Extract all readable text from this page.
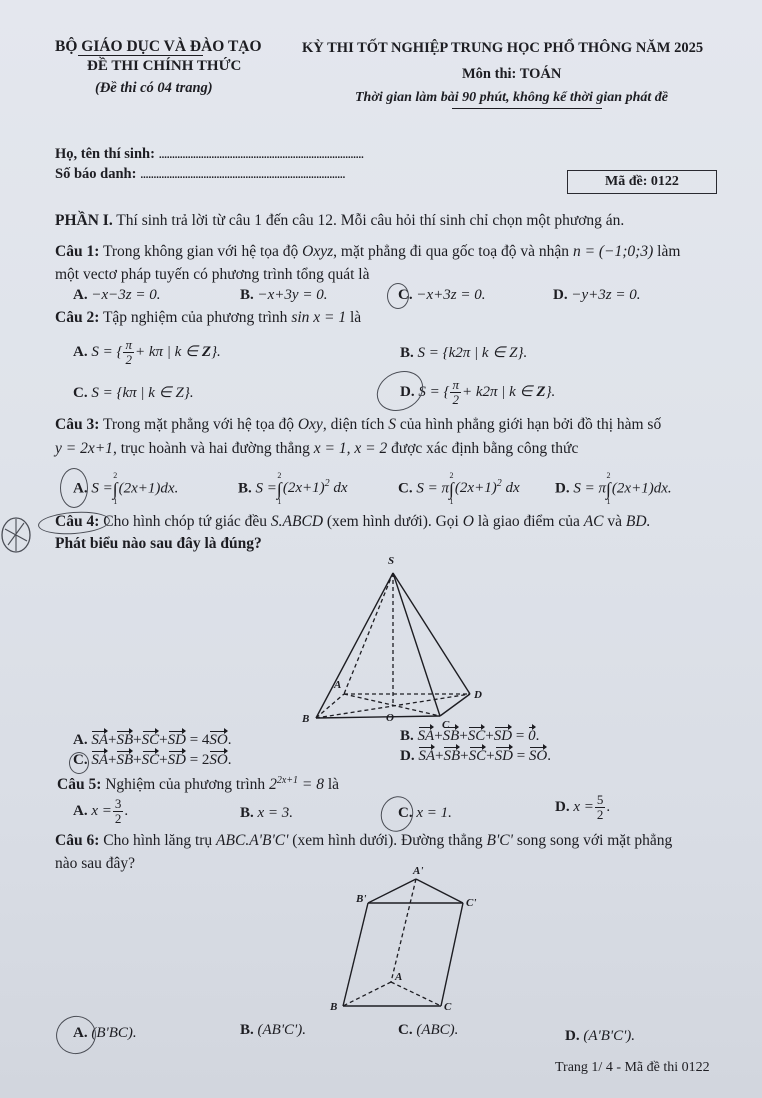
BỘ GIÁO DỤC VÀ ĐÀO TẠO
ĐỀ THI CHÍNH THỨC
(Đề thi có 04 trang)
KỲ THI TỐT NGHIỆP TRUNG HỌC PHỔ THÔNG NĂM 2025
Môn thi: TOÁN
Thời gian làm bài 90 phút, không kể thời gian phát đề
Họ, tên thí sinh: ..............................................................................
Số báo danh: ..............................................................................	Mã đề: 0122
PHẦN I. Thí sinh trả lời từ câu 1 đến câu 12. Mỗi câu hỏi thí sinh chỉ chọn một phương án.
Câu 1: Trong không gian với hệ tọa độ Oxyz, mặt phẳng đi qua gốc toạ độ và nhận n = (−1;0;3) làm
một vectơ pháp tuyến có phương trình tổng quát là
A. −x−3z = 0.	B. −x+3y = 0.	C. −x+3z = 0.	D. −y+3z = 0.
Câu 2: Tập nghiệm của phương trình sin x = 1 là
A. S = { $\frac{\pi}{2} + k\pi$ | k ∈ Z}.	B. S = {k2π | k ∈ Z}.
C. S = {kπ | k ∈ Z}.	D. S = { $\frac{\pi}{2} + k2\pi$ | k ∈ Z}.
Câu 3: Trong mặt phẳng với hệ tọa độ Oxy, diện tích S của hình phẳng giới hạn bởi đồ thị hàm số
y = 2x+1, trục hoành và hai đường thẳng x = 1, x = 2 được xác định bằng công thức
A. S =
2
∫
1
(2x+1)dx.	B. S =
2
∫
1
$(2x+1)^2$ dx	C. S = π
2
∫
1
$(2x+1)^2$ dx D. S = π
2
∫
1
(2x+1)dx.
Câu 4: Cho hình chóp tứ giác đều S.ABCD (xem hình dưới). Gọi O là giao điểm của AC và BD.
Phát biểu nào sau đây là đúng?
S
A
B	C
D
O
A. SA+SB+SC+SD = 4SO.	B. SA+SB+SC+SD = 0.
C. SA+SB+SC+SD = 2SO.	D. SA+SB+SC+SD = SO.
Câu 5: Nghiệm của phương trình $2^{2x+1} = 8$ là
A. $x = \frac{3}{2}$ .	B. x = 3.	C. x = 1.	D. $x = \frac{5}{2}$ .
Câu 6: Cho hình lăng trụ ABC.A'B'C' (xem hình dưới). Đường thẳng B'C' song song với mặt phẳng
nào sau đây?	A'
B'	C'
A
B	C
A. (B'BC).	B. (AB'C').	C. (ABC).	D. (A'B'C').
Trang 1/ 4 - Mã đề thi 0122
